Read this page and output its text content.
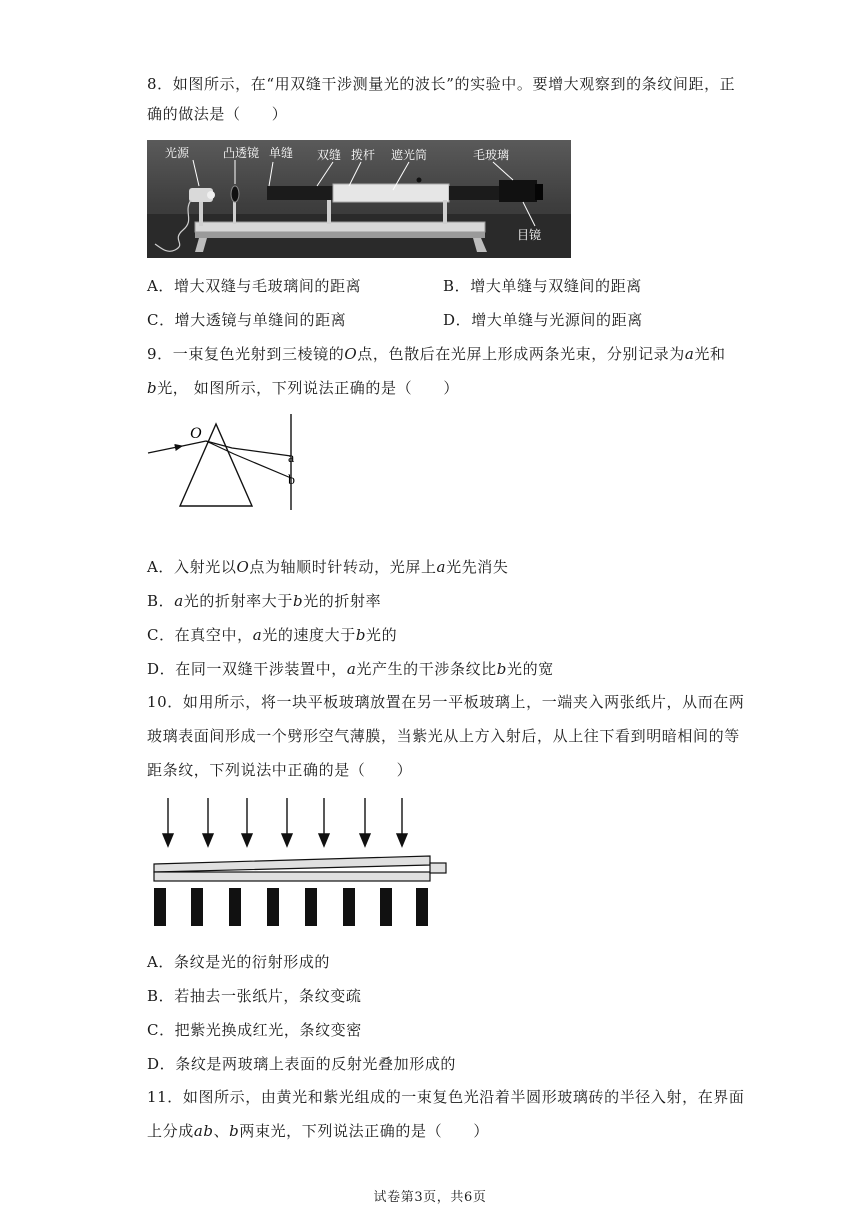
8．如图所示，在“用双缝干涉测量光的波长”的实验中。要增大观察到的条纹间距，正
确的做法是（　　）
光源	凸透镜 单缝 双缝 拨杆 遮光筒	毛玻璃
目镜
A．增大双缝与毛玻璃间的距离	B．增大单缝与双缝间的距离
C．增大透镜与单缝间的距离	D．增大单缝与光源间的距离
9．一束复色光射到三棱镜的O点，色散后在光屏上形成两条光束，分别记录为a光和
b光， 如图所示，下列说法正确的是（　　）
O
a
b
A．入射光以O点为轴顺时针转动，光屏上a光先消失
B．a光的折射率大于b光的折射率
C．在真空中，a光的速度大于b光的
D．在同一双缝干涉装置中，a光产生的干涉条纹比b光的宽
10．如用所示，将一块平板玻璃放置在另一平板玻璃上，一端夹入两张纸片，从而在两
玻璃表面间形成一个劈形空气薄膜，当紫光从上方入射后，从上往下看到明暗相间的等
距条纹，下列说法中正确的是（　　）
A．条纹是光的衍射形成的
B．若抽去一张纸片，条纹变疏
C．把紫光换成红光，条纹变密
D．条纹是两玻璃上表面的反射光叠加形成的
11．如图所示，由黄光和紫光组成的一束复色光沿着半圆形玻璃砖的半径入射，在界面
上分成ab、b两束光，下列说法正确的是（　　）
试卷第3页，共6页
